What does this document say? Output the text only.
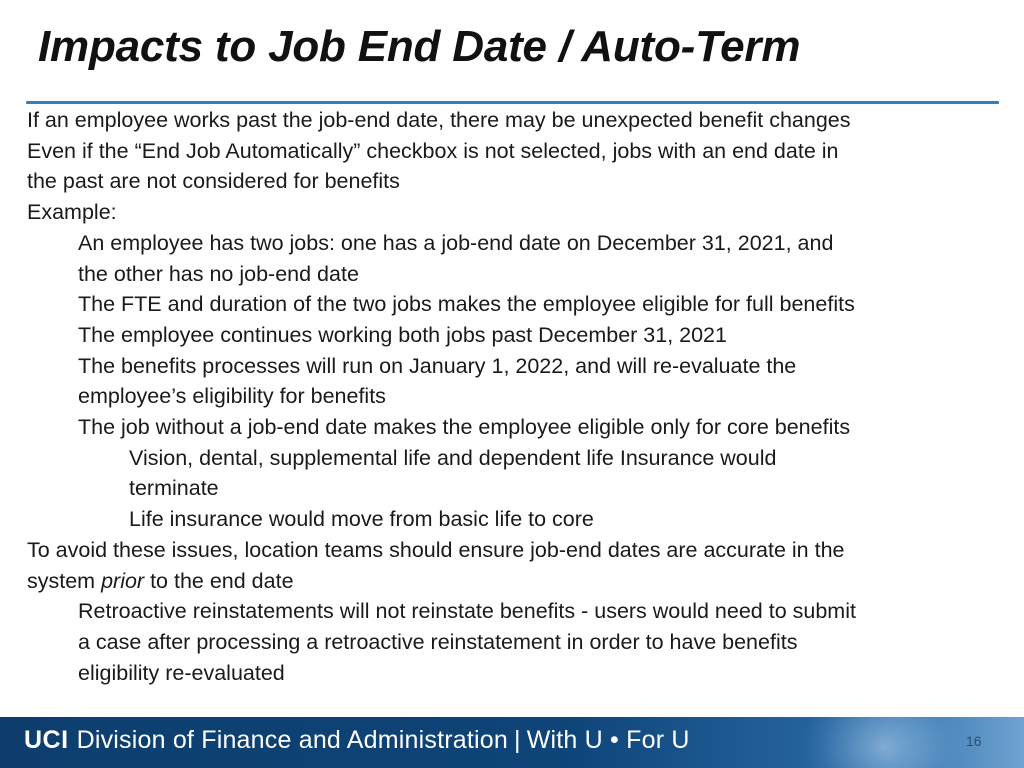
Impacts to Job End Date / Auto-Term
If an employee works past the job-end date, there may be unexpected benefit changes
Even if the “End Job Automatically” checkbox is not selected, jobs with an end date in
the past are not considered for benefits
Example:
An employee has two jobs: one has a job-end date on December 31, 2021, and
the other has no job-end date
The FTE and duration of the two jobs makes the employee eligible for full benefits
The employee continues working both jobs past December 31, 2021
The benefits processes will run on January 1, 2022, and will re-evaluate the
employee’s eligibility for benefits
The job without a job-end date makes the employee eligible only for core benefits
Vision, dental, supplemental life and dependent life Insurance would
terminate
Life insurance would move from basic life to core
To avoid these issues, location teams should ensure job-end dates are accurate in the
system prior to the end date
Retroactive reinstatements will not reinstate benefits - users would need to submit
a case after processing a retroactive reinstatement in order to have benefits
eligibility re-evaluated
UCI Division of Finance and Administration | With U • For U	16
